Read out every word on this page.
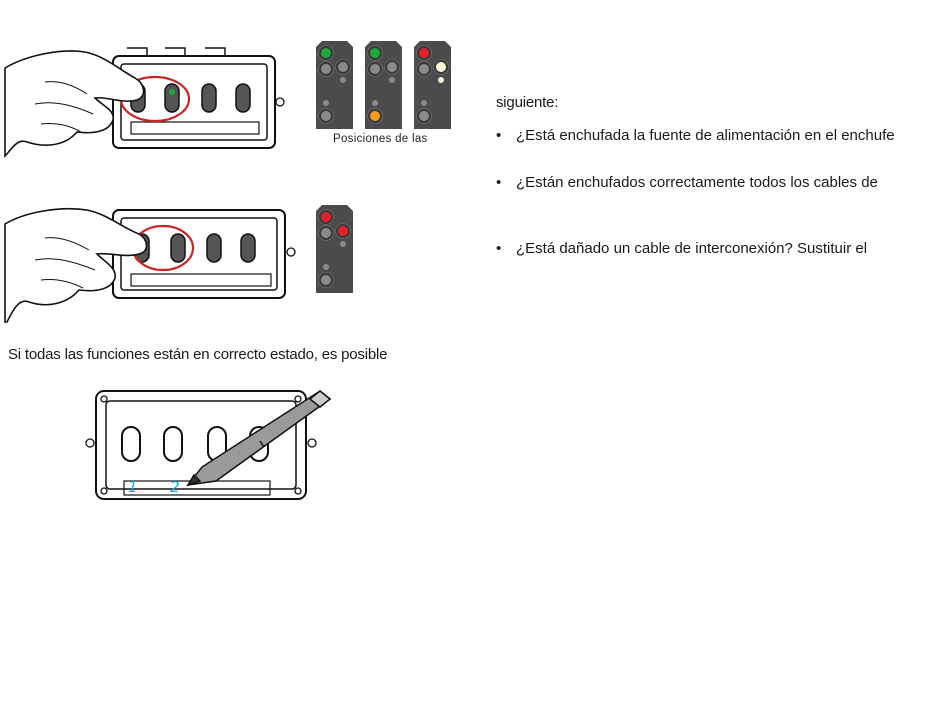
Posiciones de las
Si todas las funciones están en correcto estado, es posible
1 2
siguiente:
• ¿Está enchufada la fuente de alimentación en el enchufe
• ¿Están enchufados correctamente todos los cables de
• ¿Está dañado un cable de interconexión? Sustituir el
